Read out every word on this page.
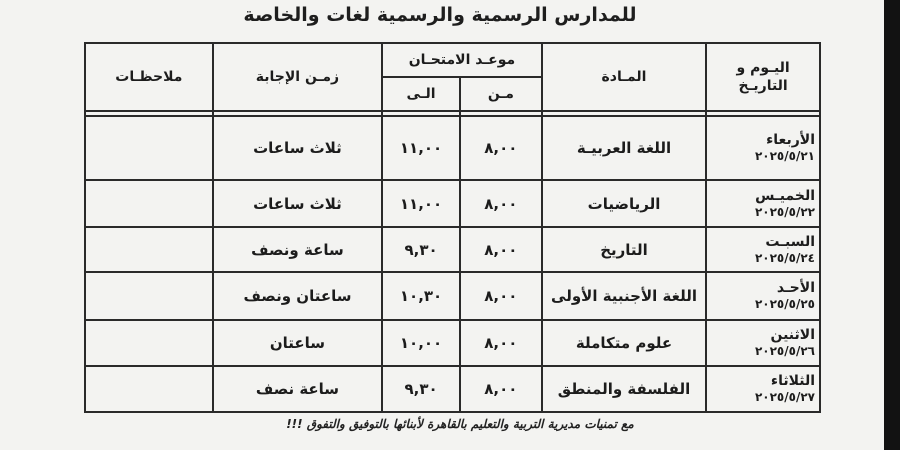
للمدارس الرسمية والرسمية لغات والخاصة
اليـوم و التاريـخ	المـادة	موعـد الامتحـان		زمـن الإجابة	ملاحظـات
		مـن	الـى		

الأربعاء
٢٠٢٥/٥/٢١	اللغة العربيـة	٨,٠٠	١١,٠٠	ثلاث ساعات	

الخميـس
٢٠٢٥/٥/٢٢	الرياضيات	٨,٠٠	١١,٠٠	ثلاث ساعات	

السبـت
٢٠٢٥/٥/٢٤	التاريخ	٨,٠٠	٩,٣٠	ساعة ونصف	

الأحـد
٢٠٢٥/٥/٢٥	اللغة الأجنبية الأولى	٨,٠٠	١٠,٣٠	ساعتان ونصف	

الاثنين
٢٠٢٥/٥/٢٦	علوم متكاملة	٨,٠٠	١٠,٠٠	ساعتان	

الثلاثاء
٢٠٢٥/٥/٢٧	الفلسفة والمنطق	٨,٠٠	٩,٣٠	ساعة نصف	
مع تمنيات مديرية التربية والتعليم بالقاهرة لأبنائها بالتوفيق والتفوق !!!
